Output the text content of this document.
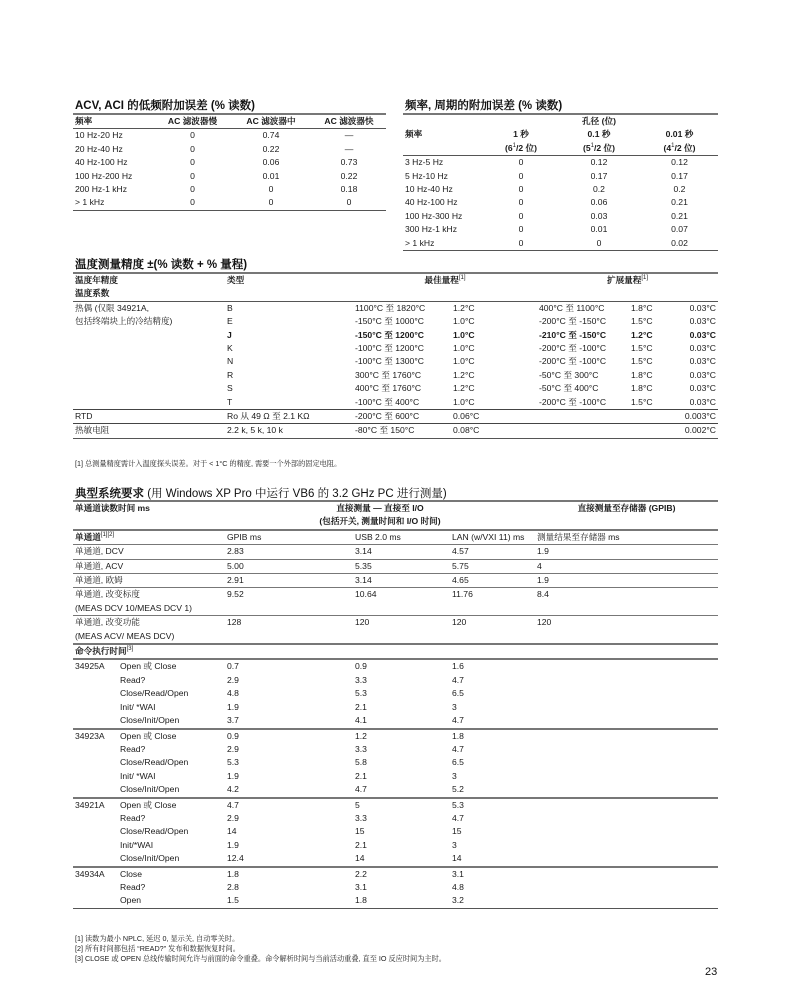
ACV, ACI 的低频附加误差 (% 读数)
频率	AC 滤波器慢	AC 滤波器中	AC 滤波器快
10 Hz-20 Hz	0	0.74	—
20 Hz-40 Hz	0	0.22	—
40 Hz-100 Hz	0	0.06	0.73
100 Hz-200 Hz	0	0.01	0.22
200 Hz-1 kHz	0	0	0.18
> 1 kHz	0	0	0
频率, 周期的附加误差 (% 读数)
		孔径 (位)	
频率	1 秒	0.1 秒	0.01 秒
	($6^1/2$ 位)	($5^1/2$ 位)	($4^1/2$ 位)
3 Hz-5 Hz	0	0.12	0.12
5 Hz-10 Hz	0	0.17	0.17
10 Hz-40 Hz	0	0.2	0.2
40 Hz-100 Hz	0	0.06	0.21
100 Hz-300 Hz	0	0.03	0.21
300 Hz-1 kHz	0	0.01	0.07
> 1 kHz	0	0	0.02
温度测量精度 ±(% 读数 + % 量程)
温度年精度	类型	最佳量程[1]		扩展量程[1]
温度系数						
热偶 (仅限 34921A,	B	1100°C 至 1820°C	1.2°C	400°C 至 1100°C	1.8°C	0.03°C
包括终端块上的冷结精度)	E	-150°C 至 1000°C	1.0°C	-200°C 至 -150°C	1.5°C	0.03°C
	J	-150°C 至 1200°C	1.0°C	-210°C 至 -150°C	1.2°C	0.03°C
	K	-100°C 至 1200°C	1.0°C	-200°C 至 -100°C	1.5°C	0.03°C
	N	-100°C 至 1300°C	1.0°C	-200°C 至 -100°C	1.5°C	0.03°C
	R	300°C 至 1760°C	1.2°C	-50°C 至 300°C	1.8°C	0.03°C
	S	400°C 至 1760°C	1.2°C	-50°C 至 400°C	1.8°C	0.03°C
	T	-100°C 至 400°C	1.0°C	-200°C 至 -100°C	1.5°C	0.03°C
RTD	Ro 从 49 Ω 至 2.1 KΩ	-200°C 至 600°C	0.06°C			0.003°C
热敏电阻	2.2 k, 5 k, 10 k	-80°C 至 150°C	0.08°C			0.002°C
[1] 总测量精度需计入温度探头误差。对于 < 1°C 的精度, 需要一个外部的固定电阻。
典型系统要求 (用 Windows XP Pro 中运行 VB6 的 3.2 GHz PC 进行测量)
单通道读数时间 ms		直接测量 — 直接至 I/O
(包括开关, 测量时间和 I/O 时间)			直接测量至存储器 (GPIB)
单通道[1][2]		GPIB ms	USB 2.0 ms	LAN (w/VXI 11) ms	测量结果至存储器 ms

单通道, DCV		2.83	3.14	4.57	1.9

单通道, ACV		5.00	5.35	5.75	4

单通道, 欧姆		2.91	3.14	4.65	1.9

单通道, 改变标度
(MEAS DCV 10/MEAS DCV 1)		9.52	10.64	11.76	8.4

单通道, 改变功能
(MEAS ACV/ MEAS DCV)		128	120	120	120
命令执行时间[3]
34925A	Open 或 Close	0.7	0.9	1.6	
	Read?	2.9	3.3	4.7	
	Close/Read/Open	4.8	5.3	6.5	
	Init/ *WAI	1.9	2.1	3	
	Close/Init/Open	3.7	4.1	4.7	
34923A	Open 或 Close	0.9	1.2	1.8	
	Read?	2.9	3.3	4.7	
	Close/Read/Open	5.3	5.8	6.5	
	Init/ *WAI	1.9	2.1	3	
	Close/Init/Open	4.2	4.7	5.2	
34921A	Open 或 Close	4.7	5	5.3	
	Read?	2.9	3.3	4.7	
	Close/Read/Open	14	15	15	
	Init/*WAI	1.9	2.1	3	
	Close/Init/Open	12.4	14	14	
34934A	Close	1.8	2.2	3.1	
	Read?	2.8	3.1	4.8	
	Open	1.5	1.8	3.2	
[1] 读数为最小 NPLC, 延迟 0, 显示关, 自动零关时。
[2] 所有时间都包括 “READ?” 发布和数据恢复时间。
[3] CLOSE 或 OPEN 总线传输时间允许与前面的命令重叠。命令解析时间与当前活动重叠, 直至 IO 反应时间为主时。
23
